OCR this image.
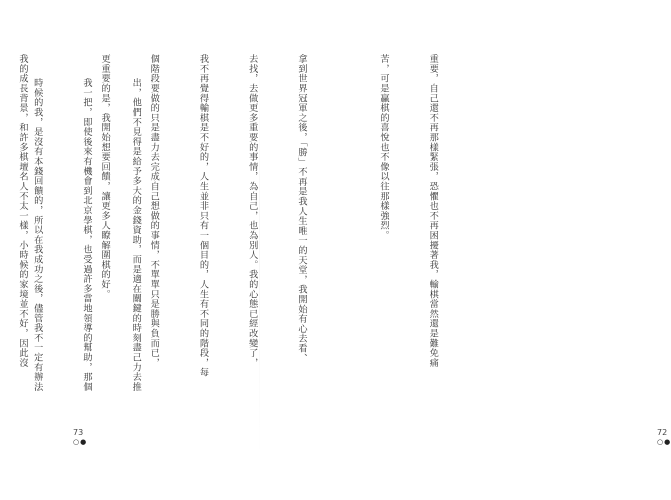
出，他們不見得是給予多大的金錢資助，而是適在關鍵的時刻盡己力去推

我一把，即使後來有機會到北京學棋，也受過許多當地領導的幫助，那個

時候的我，是沒有本錢回饋的，所以在我成功之後，儘管我不一定有辦法

73
○●

重要，自己還不再那樣緊張，恐懼也不再困擾著我，輸棋當然還是難免痛

苦，可是贏棋的喜悅也不像以往那樣強烈。

拿到世界冠軍之後，「勝」不再是我人生唯一的天堂，我開始有心去看、

去找，去做更多重要的事情，為自己，也為別人。我的心態已經改變了，

我不再覺得輸棋是不好的，人生並非只有一個目的，人生有不同的階段，每

個階段要做的只是盡力去完成自己想做的事情，不單單只是勝與負而已，

更重要的是，我開始想要回饋，讓更多人瞭解圍棋的好。

我的成長背景，和許多棋壇名人不太一樣，小時候的家境並不好，因此沒

72
○●
